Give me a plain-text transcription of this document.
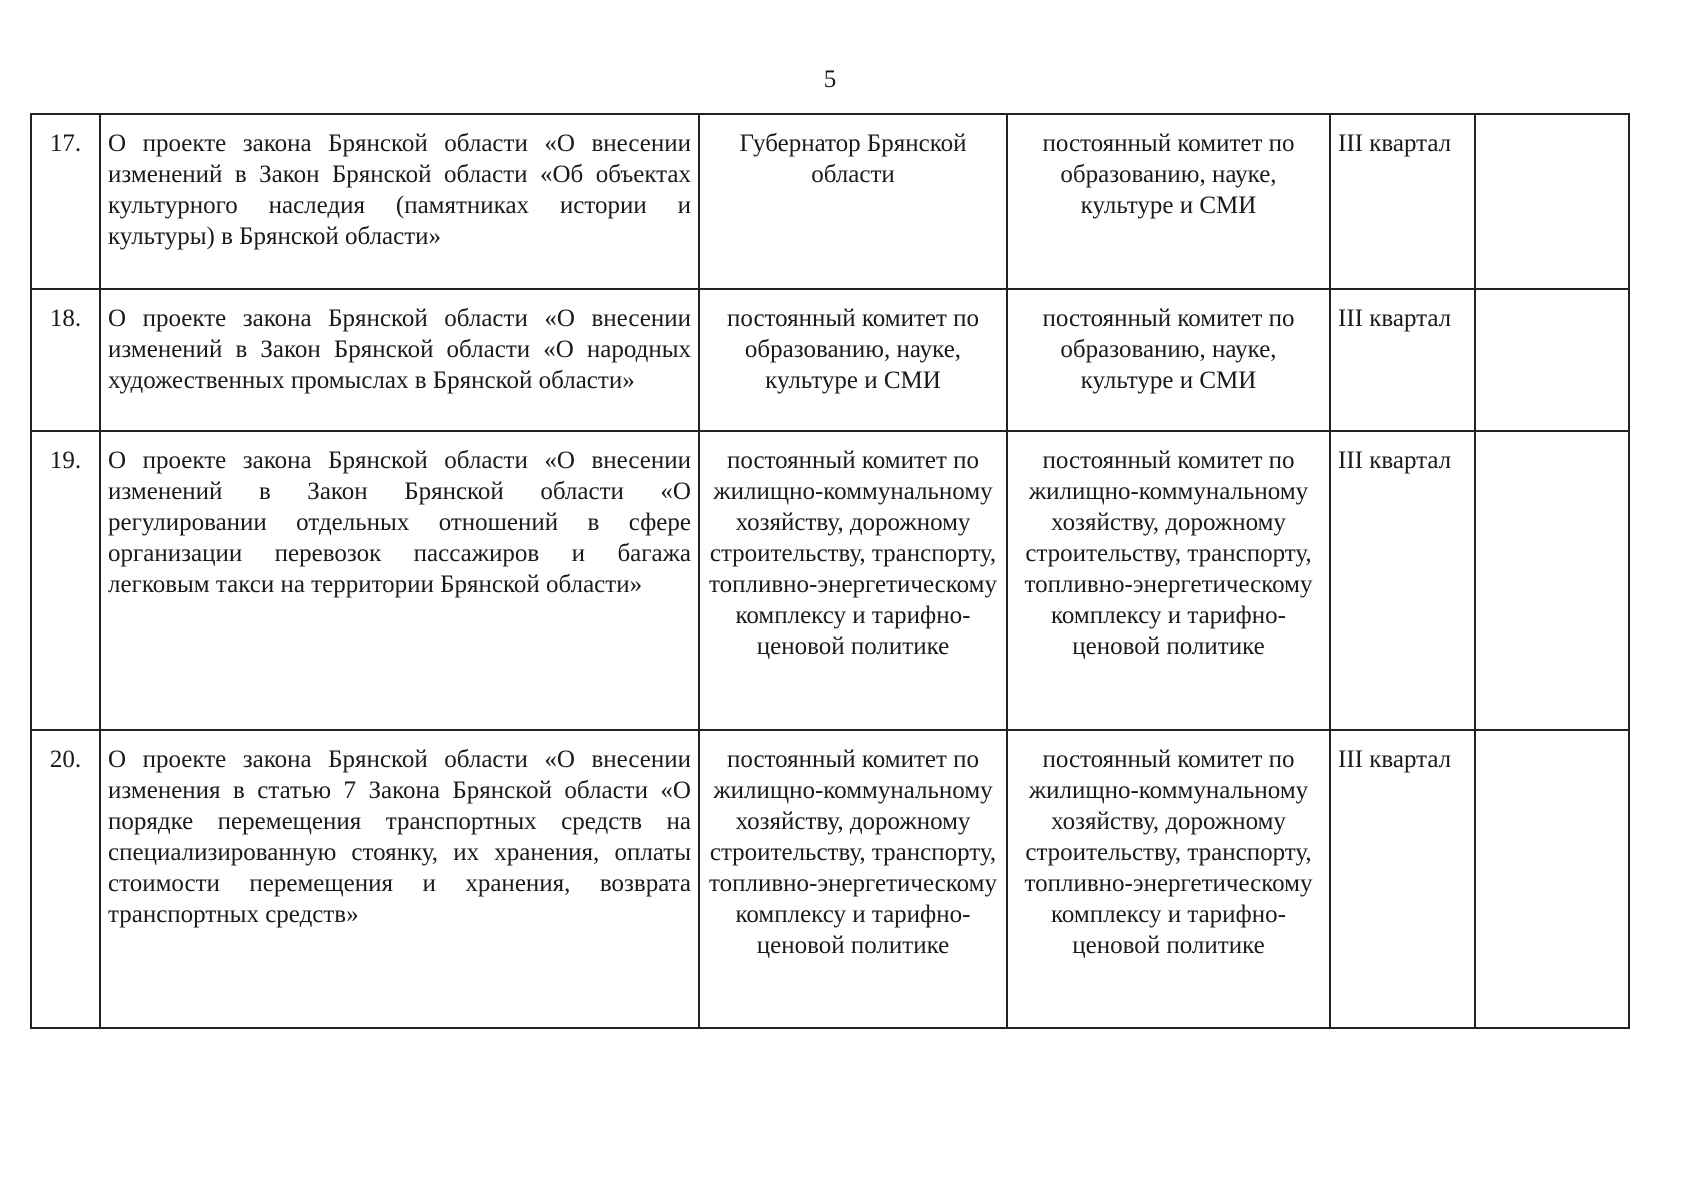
5
17.	О проекте закона Брянской области «О внесении изменений в Закон Брянской области «Об объектах культурного наследия (памятниках истории и культуры) в Брянской области»	Губернатор Брянской области	постоянный комитет по образованию, науке, культуре и СМИ	III квартал	
18.	О проекте закона Брянской области «О внесении изменений в Закон Брянской области «О народных художественных промыслах в Брянской области»	постоянный комитет по образованию, науке, культуре и СМИ	постоянный комитет по образованию, науке, культуре и СМИ	III квартал	
19.	О проекте закона Брянской области «О внесении изменений в Закон Брянской области «О регулировании отдельных отношений в сфере организации перевозок пассажиров и багажа легковым такси на территории Брянской области»	постоянный комитет по жилищно-коммунальному хозяйству, дорожному строительству, транспорту, топливно-энергетическому комплексу и тарифно-ценовой политике	постоянный комитет по жилищно-коммунальному хозяйству, дорожному строительству, транспорту, топливно-энергетическому комплексу и тарифно-ценовой политике	III квартал	
20.	О проекте закона Брянской области «О внесении изменения в статью 7 Закона Брянской области «О порядке перемещения транспортных средств на специализированную стоянку, их хранения, оплаты стоимости перемещения и хранения, возврата транспортных средств»	постоянный комитет по жилищно-коммунальному хозяйству, дорожному строительству, транспорту, топливно-энергетическому комплексу и тарифно-ценовой политике	постоянный комитет по жилищно-коммунальному хозяйству, дорожному строительству, транспорту, топливно-энергетическому комплексу и тарифно-ценовой политике	III квартал	
